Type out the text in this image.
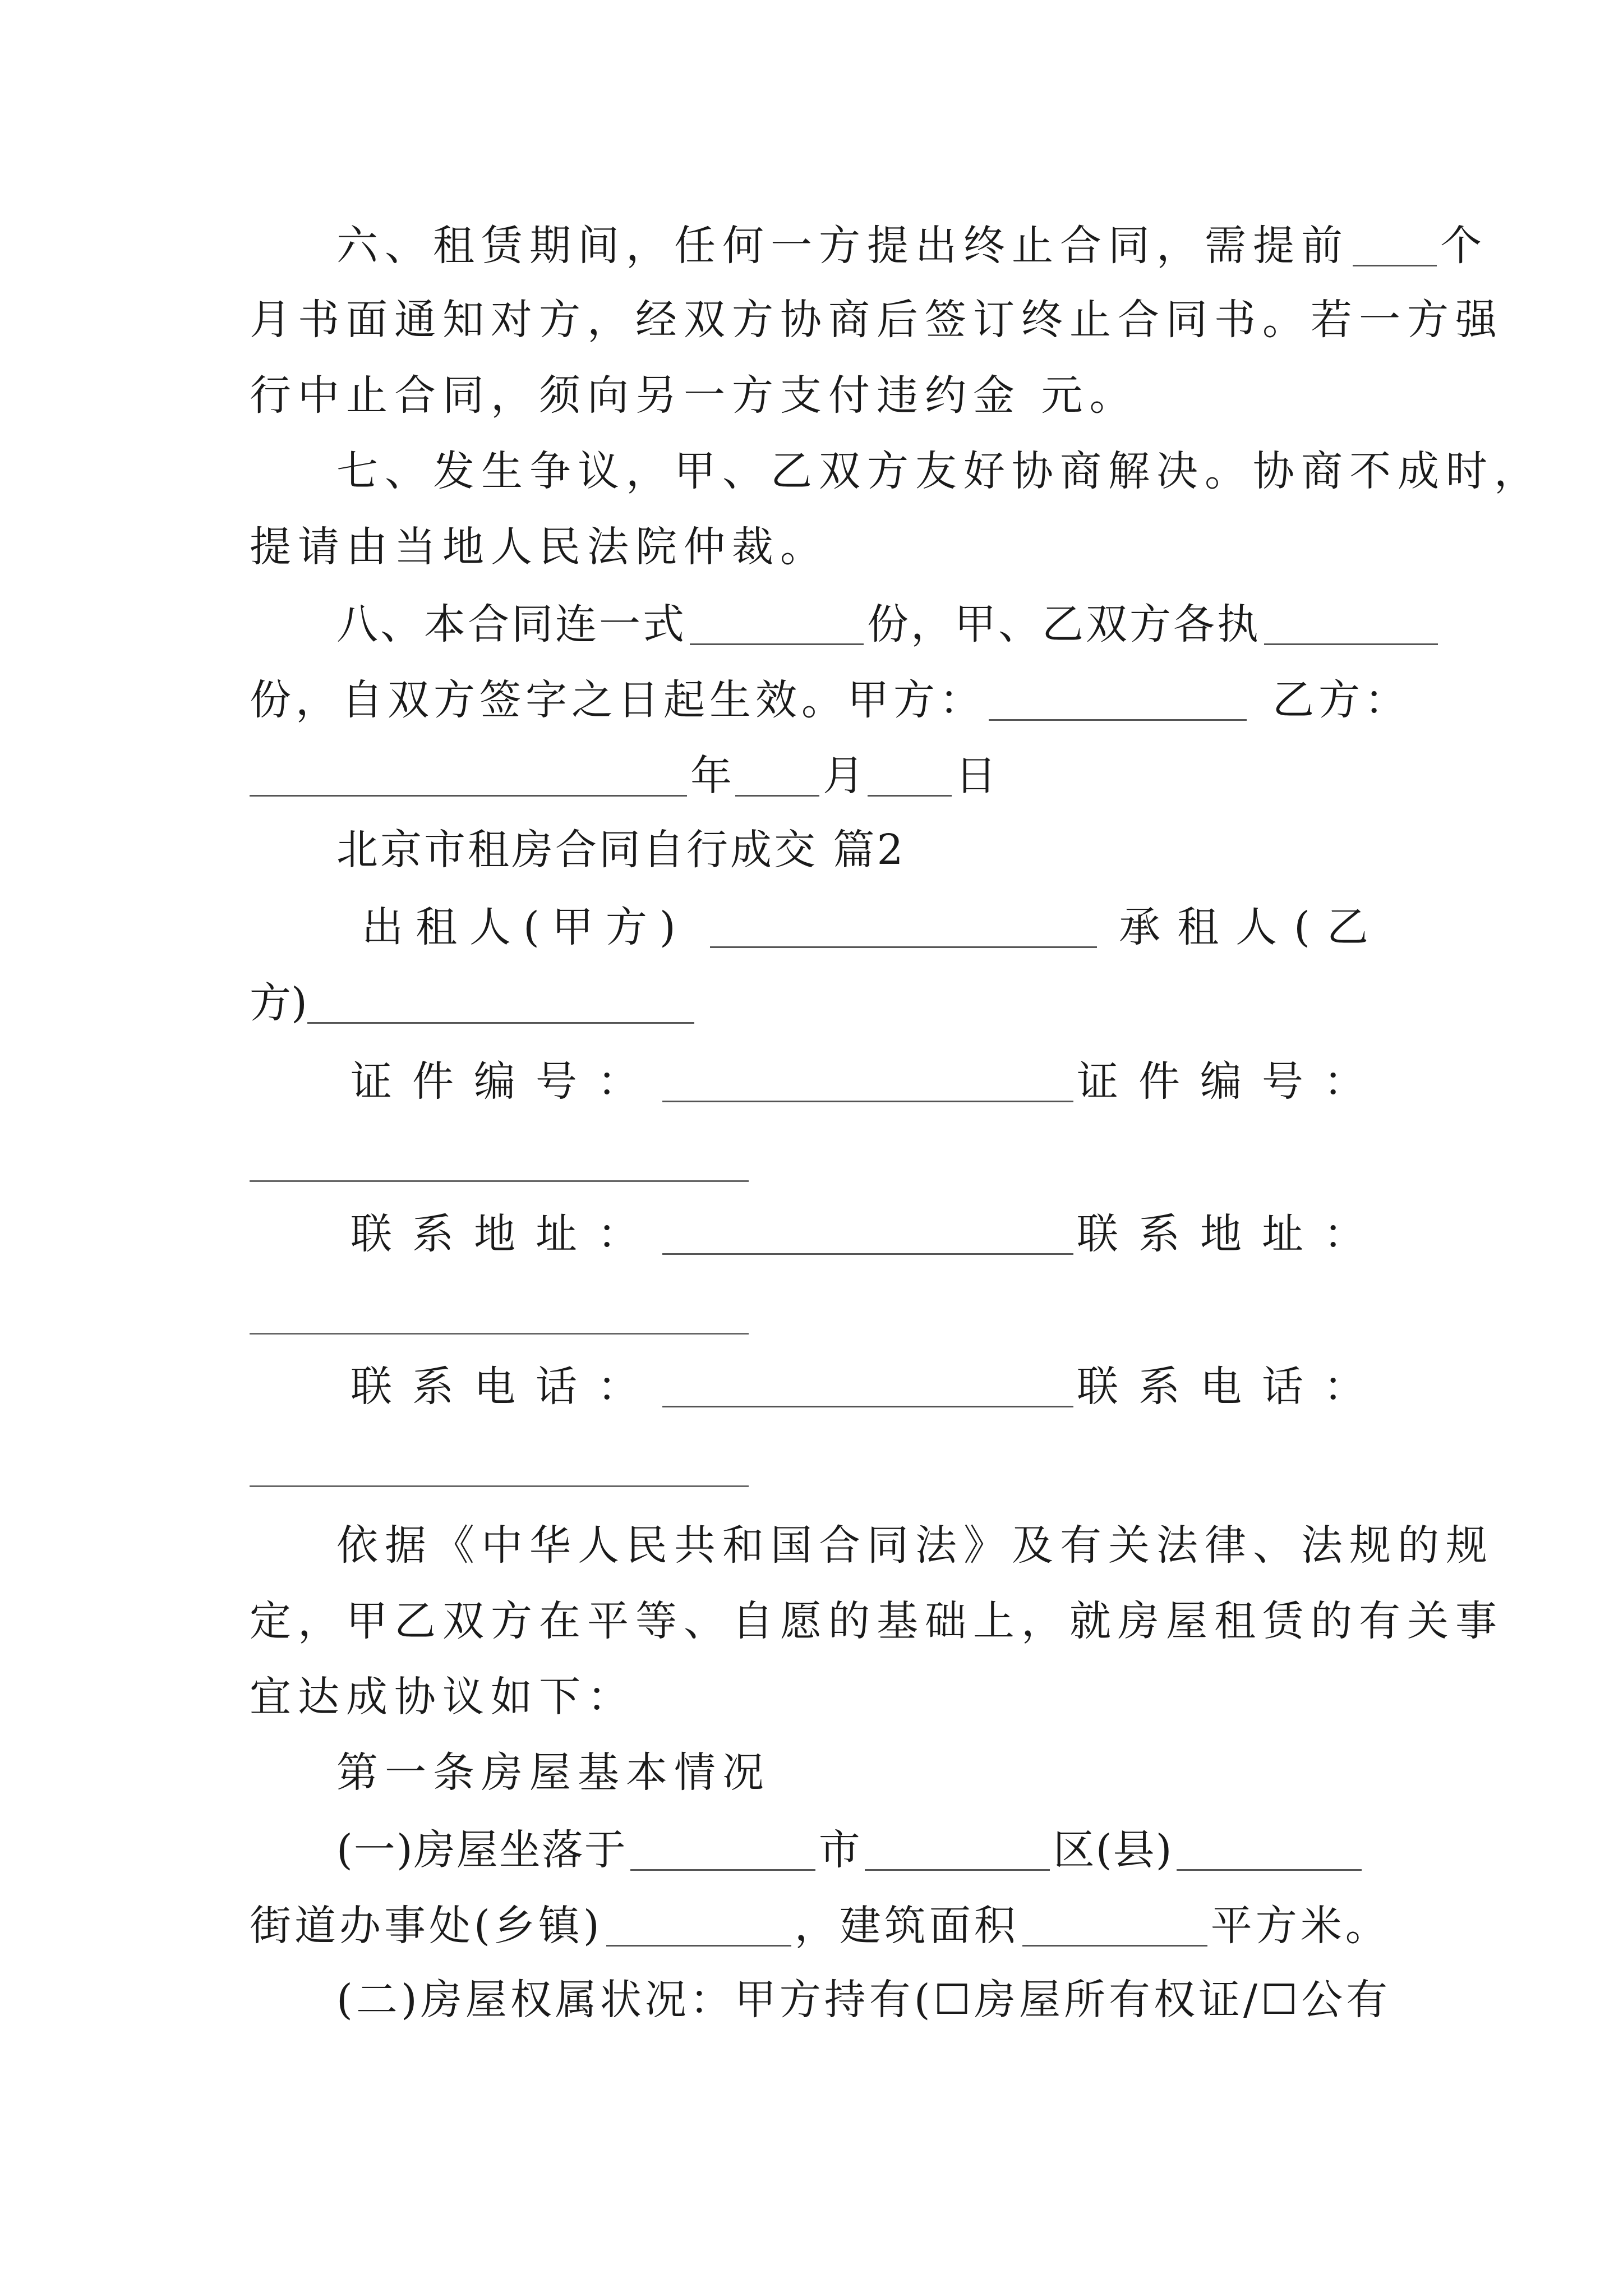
六、租赁期间，任何一方提出终止合同，需提前 个
月书面通知对方，经双方协商后签订终止合同书。若一方强
行中止合同，须向另一方支付违约金 元。
七、发生争议，甲、乙双方友好协商解决。协商不成时，
提请由当地人民法院仲裁。
八、本合同连一式	份，甲、乙双方各执
份，自双方签字之日起生效。甲方：	乙方：
年 月 日
北京市租房合同自行成交 篇2
出租人(甲方)	承租人(乙
方)
证件编号：	证件编号：
联系地址：	联系地址：
联系电话：	联系电话：
依据《中华人民共和国合同法》及有关法律、法规的规
定，甲乙双方在平等、自愿的基础上，就房屋租赁的有关事
宜达成协议如下：
第一条房屋基本情况
(一)房屋坐落于	市	区(县)
街道办事处(乡镇)	，建筑面积	平方米。
(二)房屋权属状况：甲方持有(☐房屋所有权证/☐公有
